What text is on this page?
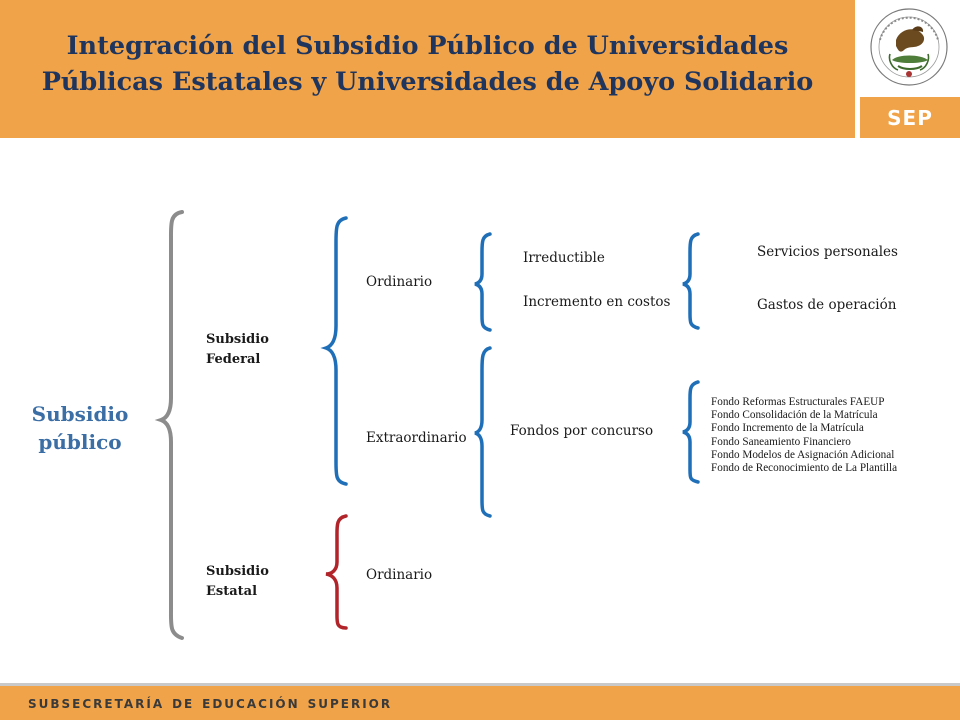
Integración del Subsidio Público de Universidades
Públicas Estatales y Universidades de Apoyo Solidario
SEP
Subsidio
público
Subsidio
Federal
Subsidio
Estatal
Ordinario
Extraordinario
Ordinario
Irreductible
Incremento en costos
Fondos por concurso
Servicios personales
Gastos de operación
Fondo Reformas Estructurales FAEUP
Fondo Consolidación de la Matrícula
Fondo Incremento de la Matrícula
Fondo Saneamiento Financiero
Fondo Modelos de Asignación Adicional
Fondo de Reconocimiento de La Plantilla
subsecretaría de educación superior
